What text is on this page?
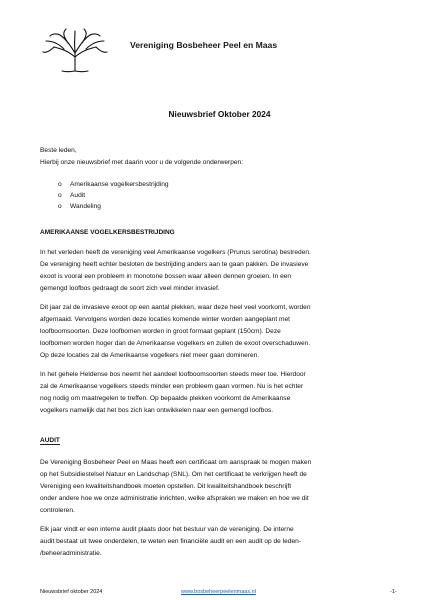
Vereniging Bosbeheer Peel en Maas
Nieuwsbrief Oktober 2024
Beste leden,
Hierbij onze nieuwsbrief met daarin voor u de volgende onderwerpen:
o Amerikaanse vogelkersbestrijding
o Audit
o Wandeling
AMERIKAANSE VOGELKERSBESTRIJDING
In het verleden heeft de vereniging veel Amerikaanse vogelkers (Prunus serotina) bestreden.
De vereniging heeft echter besloten de bestrijding anders aan te gaan pakken. De invasieve
exoot is vooral een probleem in monotone bossen waar alleen dennen groeien. In een
gemengd loofbos gedraagt de soort zich veel minder invasief.
Dit jaar zal de invasieve exoot op een aantal plekken, waar deze heel veel voorkomt, worden
afgemaaid. Vervolgens worden deze locaties komende winter worden aangeplant met
loofboomsoorten. Deze loofbomen worden in groot formaat geplant (150cm). Deze
loofbomen worden hoger dan de Amerikaanse vogelkers en zullen de exoot overschaduwen.
Op deze locaties zal de Amerikaanse vogelkers niet meer gaan domineren.
In het gehele Heldense bos neemt het aandeel loofboomsoorten steeds meer toe. Hierdoor
zal de Amerikaanse vogelkers steeds minder een probleem gaan vormen. Nu is het echter
nog nodig om maatregelen te treffen. Op bepaalde plekken voorkomt de Amerikaanse
vogelkers namelijk dat het bos zich kan ontwikkelen naar een gemengd loofbos.
AUDIT
De Vereniging Bosbeheer Peel en Maas heeft een certificaat om aanspraak te mogen maken
op het Subsidiestelsel Natuur en Landschap (SNL). Om het certificaat te verkrijgen heeft de
Vereniging een kwaliteitshandboek moeten opstellen. Dit kwaliteitshandboek beschrijft
onder andere hoe we onze administratie inrichten, welke afspraken we maken en hoe we dit
controleren.
Elk jaar vindt er een interne audit plaats door het bestuur van de vereniging. De interne
audit bestaat uit twee onderdelen, te weten een financiële audit en een audit op de leden-
/beheeradministratie.
Nieuwsbrief oktober 2024	www.bosbeheerpeelenmaas.nl	-1-
